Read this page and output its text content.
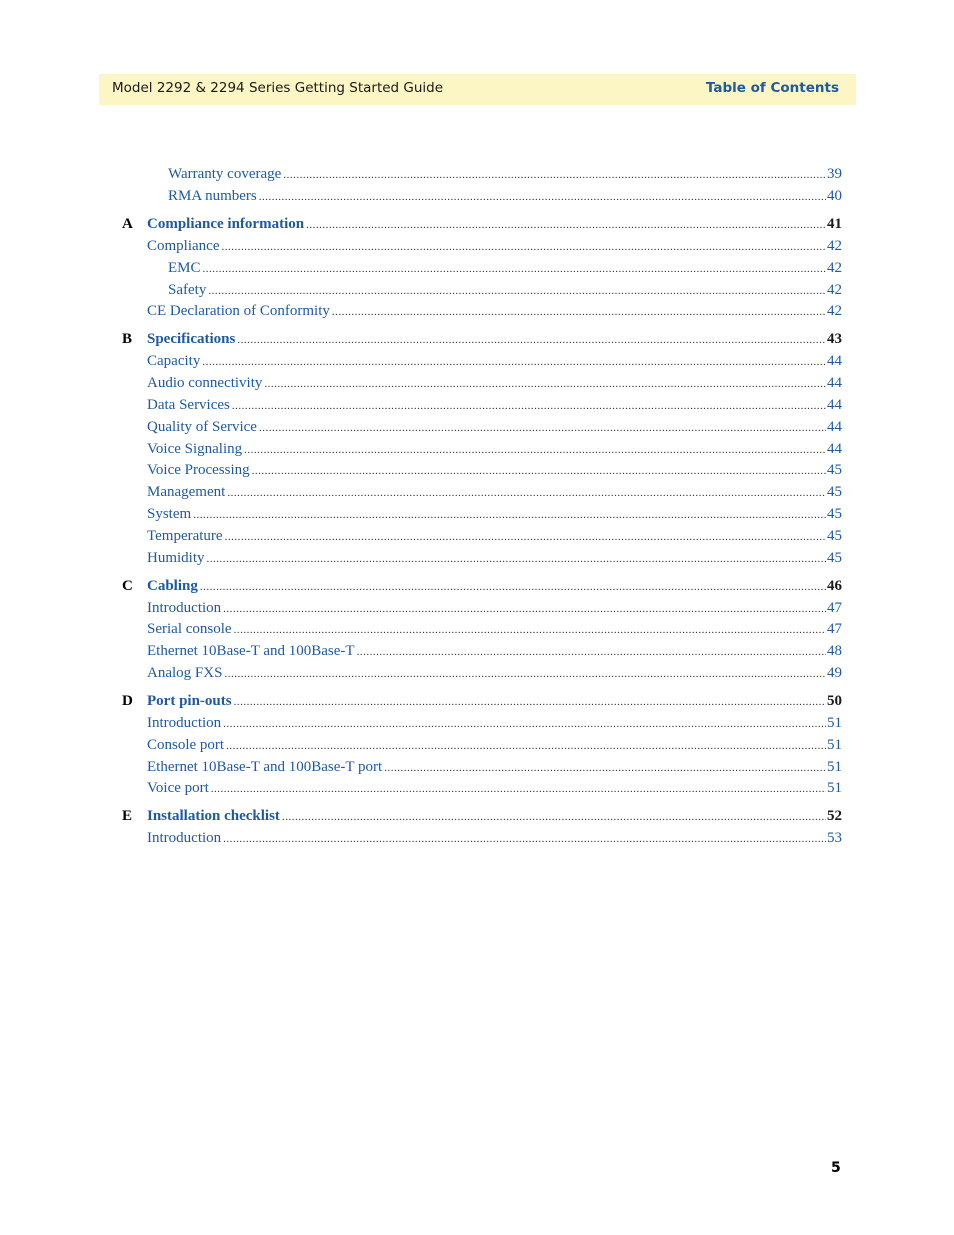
Model 2292 & 2294 Series Getting Started Guide	Table of Contents
Warranty coverage .....	39
RMA numbers .....	40
A Compliance information .....	41
Compliance .....	42
EMC .....	42
Safety .....	42
CE Declaration of Conformity .....	42
B Specifications .....	43
Capacity .....	44
Audio connectivity .....	44
Data Services .....	44
Quality of Service .....	44
Voice Signaling .....	44
Voice Processing .....	45
Management .....	45
System .....	45
Temperature .....	45
Humidity .....	45
C Cabling .....	46
Introduction .....	47
Serial console .....	47
Ethernet 10Base-T and 100Base-T .....	48
Analog FXS .....	49
D Port pin-outs .....	50
Introduction .....	51
Console port .....	51
Ethernet 10Base-T and 100Base-T port .....	51
Voice port .....	51
E Installation checklist .....	52
Introduction .....	53
5
